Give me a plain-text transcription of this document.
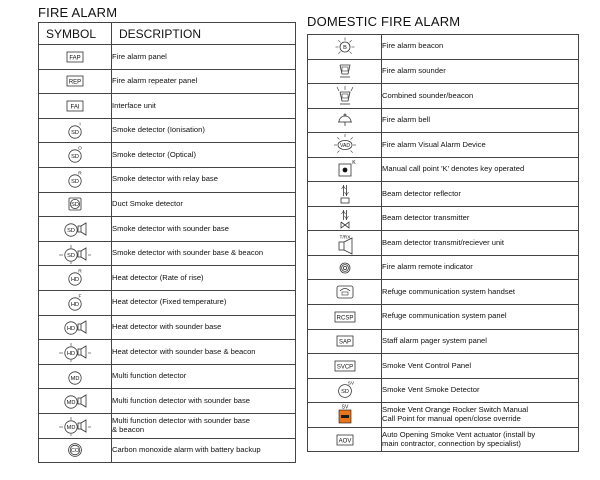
FIRE ALARM
DOMESTIC FIRE ALARM
SYMBOL	DESCRIPTION

FAP	Fire alarm panel

REP	Fire alarm repeater panel

FAI	Interface unit

SD
I	Smoke detector (Ionisation)

SD
O	Smoke detector (Optical)

SD
R	Smoke detector with relay base

SD	Duct Smoke detector

SD	Smoke detector with sounder base

SD	Smoke detector with sounder base & beacon

HD
R	Heat detector (Rate of rise)

HD
F	Heat detector (Fixed temperature)

HD	Heat detector with sounder base

HD	Heat detector with sounder base & beacon

MD	Multi function detector

MD	Multi function detector with sounder base

MD	Multi function detector with sounder base
& beacon

CO	Carbon monoxide alarm with battery backup
B	Fire alarm beacon

	Fire alarm sounder

	Combined sounder/beacon

	Fire alarm bell

VAD	Fire alarm Visual Alarm Device

K	Manual call point 'K' denotes key operated

	Beam detector reflector

	Beam detector transmitter

T/RX	Beam detector transmit/reciever unit

	Fire alarm remote indicator

	Refuge communication system handset

RCSP	Refuge communication system panel

SAP	Staff alarm pager system panel

SVCP	Smoke Vent Control Panel

SD
SV	Smoke Vent Smoke Detector

SV	Smoke Vent Orange Rocker Switch Manual
Call Point for manual open/close override

AOV	Auto Opening Smoke Vent actuator (install by
main contractor, connection by specialist)
